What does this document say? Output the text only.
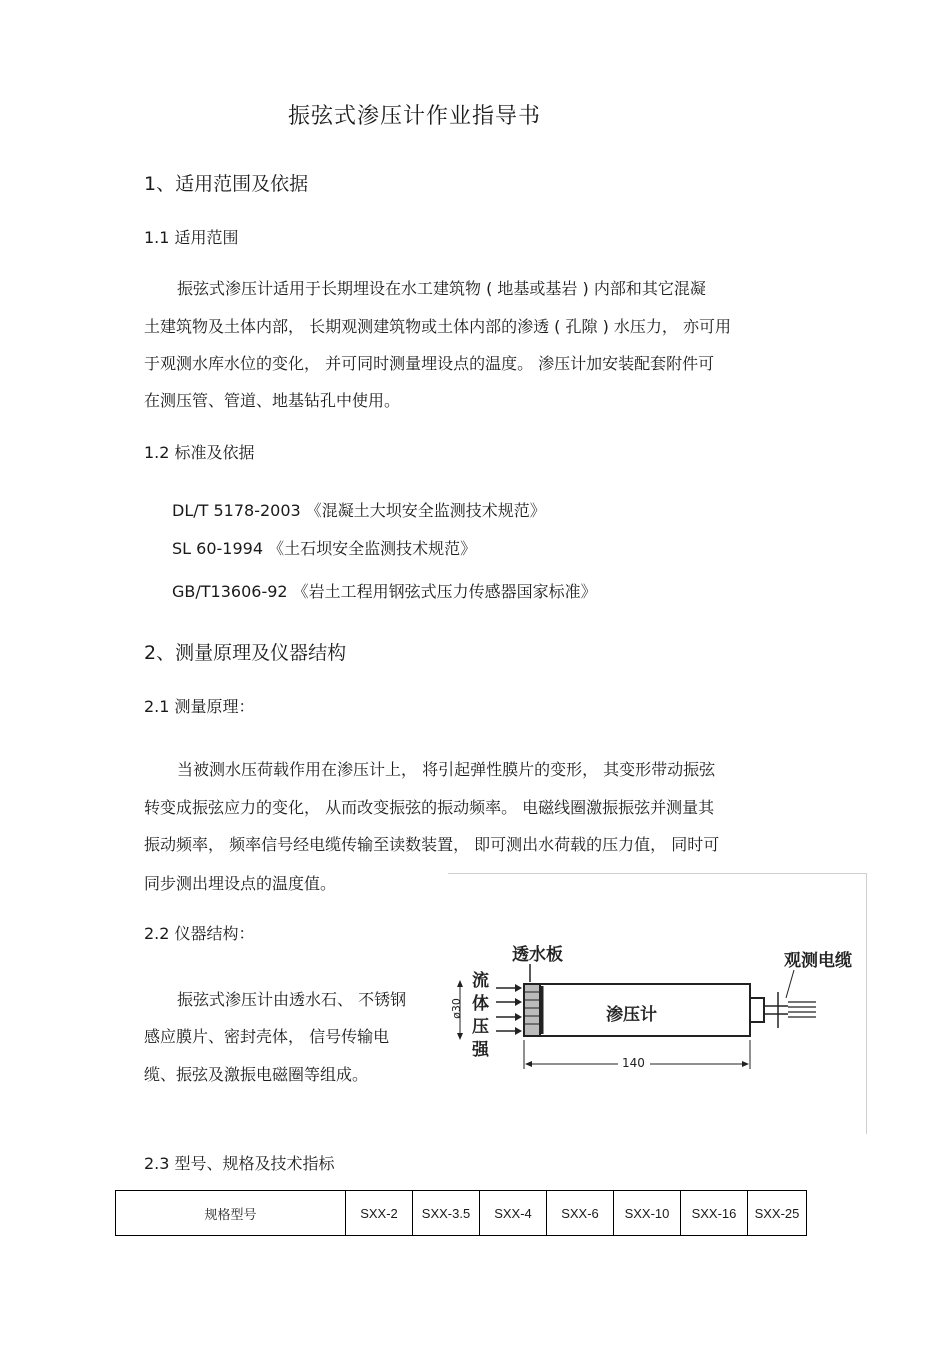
振弦式渗压计作业指导书
1、适用范围及依据
1.1 适用范围
振弦式渗压计适用于长期埋设在水工建筑物 ( 地基或基岩 ) 内部和其它混凝
土建筑物及土体内部， 长期观测建筑物或土体内部的渗透 ( 孔隙 ) 水压力， 亦可用
于观测水库水位的变化， 并可同时测量埋设点的温度。 渗压计加安装配套附件可
在测压管、管道、地基钻孔中使用。
1.2 标准及依据
DL/T 5178-2003 《混凝土大坝安全监测技术规范》
SL 60-1994 《土石坝安全监测技术规范》
GB/T13606-92 《岩土工程用钢弦式压力传感器国家标准》
2、测量原理及仪器结构
2.1 测量原理：
当被测水压荷载作用在渗压计上， 将引起弹性膜片的变形， 其变形带动振弦
转变成振弦应力的变化， 从而改变振弦的振动频率。 电磁线圈激振振弦并测量其
振动频率， 频率信号经电缆传输至读数装置， 即可测出水荷载的压力值， 同时可
同步测出埋设点的温度值。
2.2 仪器结构：
振弦式渗压计由透水石、 不锈钢
感应膜片、密封壳体， 信号传输电
缆、振弦及激振电磁圈等组成。
透水板	观测电缆
渗压计
流
体
压
强
ø30
140
2.3 型号、规格及技术指标
规格型号	SXX-2	SXX-3.5	SXX-4	SXX-6	SXX-10	SXX-16	SXX-25
